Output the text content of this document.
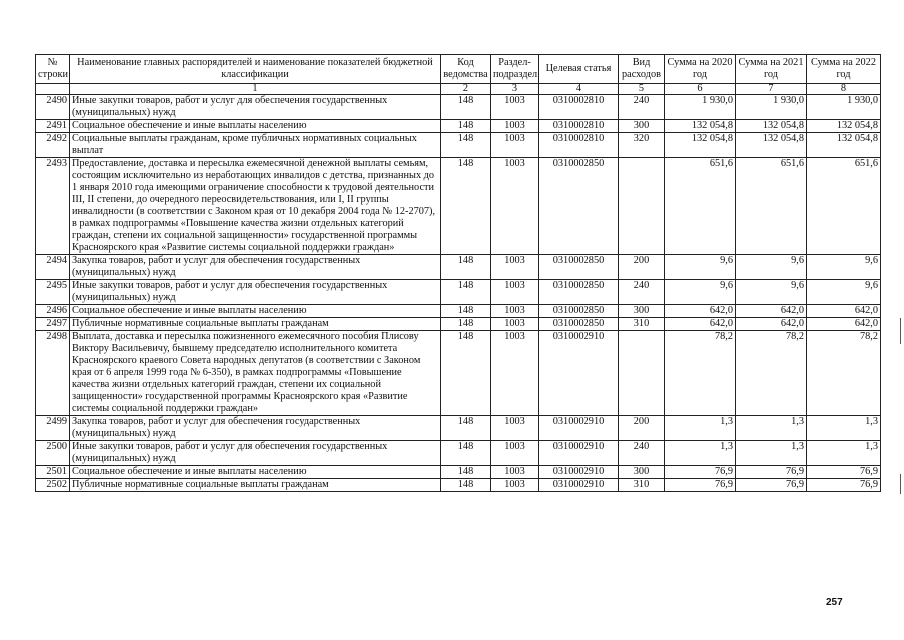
№ строки	Наименование главных распорядителей и наименование показателей бюджетной классификации	Код ведомства	Раздел-подраздел	Целевая статья	Вид расходов	Сумма на 2020 год	Сумма на 2021 год	Сумма на 2022 год
	1	2	3	4	5	6	7	8
2490	Иные закупки товаров, работ и услуг для обеспечения государственных (муниципальных) нужд	148	1003	0310002810	240	1 930,0	1 930,0	1 930,0
2491	Социальное обеспечение и иные выплаты населению	148	1003	0310002810	300	132 054,8	132 054,8	132 054,8
2492	Социальные выплаты гражданам, кроме публичных нормативных социальных выплат	148	1003	0310002810	320	132 054,8	132 054,8	132 054,8
2493	Предоставление, доставка и пересылка ежемесячной денежной выплаты семьям, состоящим исключительно из неработающих инвалидов с детства, признанных до 1 января 2010 года имеющими ограничение способности к трудовой деятельности III, II степени, до очередного переосвидетельствования, или I, II группы инвалидности (в соответствии с Законом края от 10 декабря 2004 года № 12-2707), в рамках подпрограммы «Повышение качества жизни отдельных категорий граждан, степени их социальной защищенности» государственной программы Красноярского края «Развитие системы социальной поддержки граждан»	148	1003	0310002850		651,6	651,6	651,6
2494	Закупка товаров, работ и услуг для обеспечения государственных (муниципальных) нужд	148	1003	0310002850	200	9,6	9,6	9,6
2495	Иные закупки товаров, работ и услуг для обеспечения государственных (муниципальных) нужд	148	1003	0310002850	240	9,6	9,6	9,6
2496	Социальное обеспечение и иные выплаты населению	148	1003	0310002850	300	642,0	642,0	642,0
2497	Публичные нормативные социальные выплаты гражданам	148	1003	0310002850	310	642,0	642,0	642,0
2498	Выплата, доставка и пересылка пожизненного ежемесячного пособия Плисову Виктору Васильевичу, бывшему председателю исполнительного комитета Красноярского краевого Совета народных депутатов (в соответствии с Законом края от 6 апреля 1999 года № 6-350), в рамках подпрограммы «Повышение качества жизни отдельных категорий граждан, степени их социальной защищенности» государственной программы Красноярского края «Развитие системы социальной поддержки граждан»	148	1003	0310002910		78,2	78,2	78,2
2499	Закупка товаров, работ и услуг для обеспечения государственных (муниципальных) нужд	148	1003	0310002910	200	1,3	1,3	1,3
2500	Иные закупки товаров, работ и услуг для обеспечения государственных (муниципальных) нужд	148	1003	0310002910	240	1,3	1,3	1,3
2501	Социальное обеспечение и иные выплаты населению	148	1003	0310002910	300	76,9	76,9	76,9
2502	Публичные нормативные социальные выплаты гражданам	148	1003	0310002910	310	76,9	76,9	76,9
257
